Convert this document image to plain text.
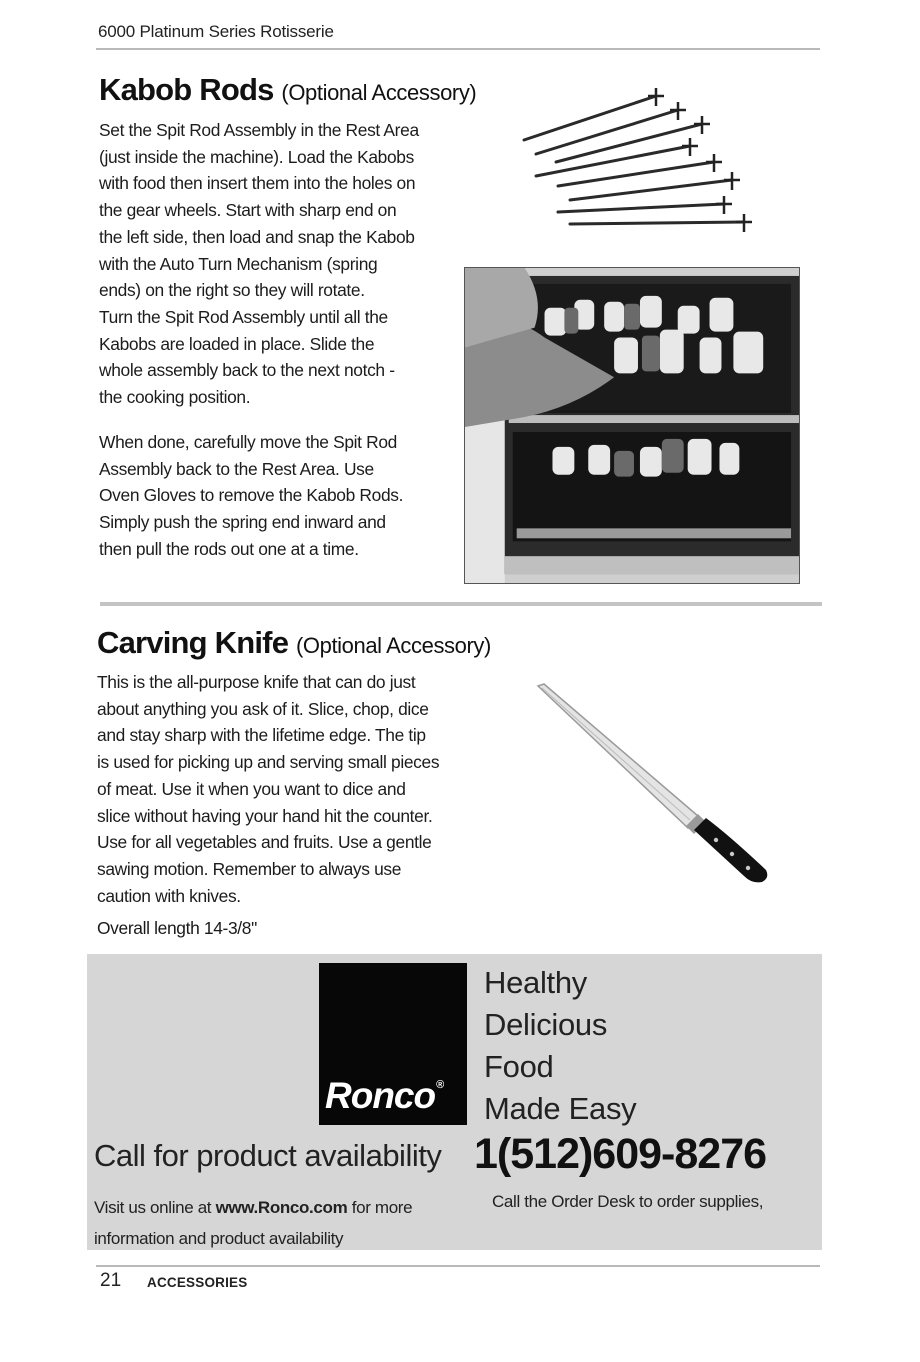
6000 Platinum Series Rotisserie
Kabob Rods (Optional Accessory)

Set the Spit Rod Assembly in the Rest Area

(just inside the machine). Load the Kabobs

with food then insert them into the holes on

the gear wheels. Start with sharp end on

the left side, then load and snap the Kabob

with the Auto Turn Mechanism (spring

ends) on the right so they will rotate.

Turn the Spit Rod Assembly until all the

Kabobs are loaded in place. Slide the

whole assembly back to the next notch -

the cooking position.

When done, carefully move the Spit Rod

Assembly back to the Rest Area. Use

Oven Gloves to remove the Kabob Rods.

Simply push the spring end inward and

then pull the rods out one at a time.

Carving Knife (Optional Accessory)

This is the all-purpose knife that can do just

about anything you ask of it. Slice, chop, dice

and stay sharp with the lifetime edge. The tip

is used for picking up and serving small pieces

of meat. Use it when you want to dice and

slice without having your hand hit the counter.

Use for all vegetables and fruits. Use a gentle

sawing motion. Remember to always use

caution with knives.

Overall length 14-3/8"
Ronco®
Healthy
Delicious
Food
Made Easy
Call for product availability 1(512)609-8276
Visit us online at www.Ronco.com for more
information and product availability
Call the Order Desk to order supplies,
21 ACCESSORIES
